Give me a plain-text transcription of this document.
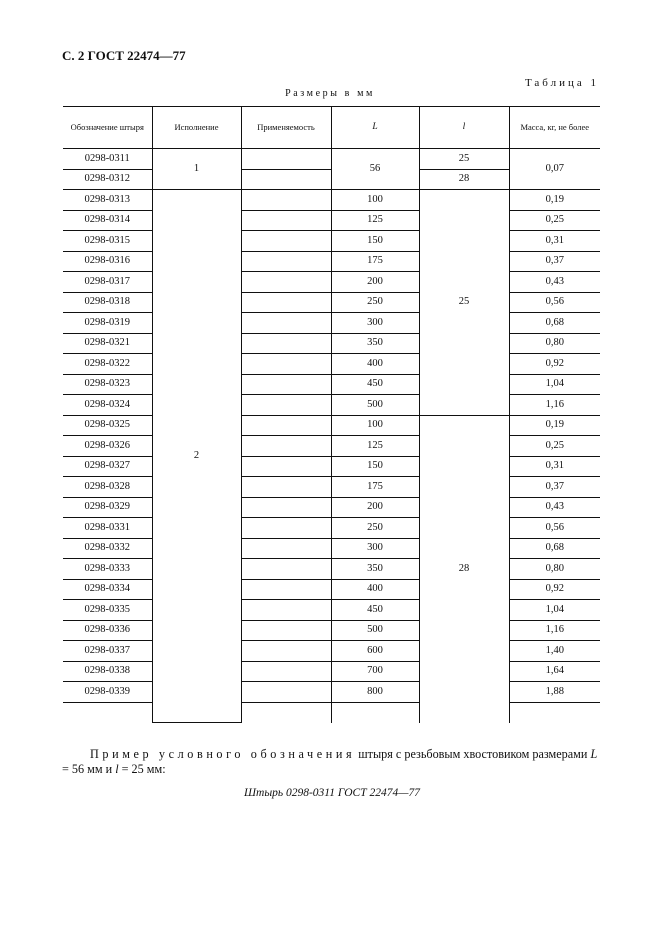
С. 2 ГОСТ 22474—77
Таблица 1
Размеры в мм
Обозначение штыря	Исполнение	Применяемость	L	l	Масса, кг, не более
0298-0311	1		56	25	0,07
0298-0312				28	
0298-0313	2		100	25	0,19
0298-0314			125		0,25
0298-0315			150		0,31
0298-0316			175		0,37
0298-0317			200		0,43
0298-0318			250		0,56
0298-0319			300		0,68
0298-0321			350		0,80
0298-0322			400		0,92
0298-0323			450		1,04
0298-0324			500		1,16
0298-0325			100	28	0,19
0298-0326			125		0,25
0298-0327			150		0,31
0298-0328			175		0,37
0298-0329			200		0,43
0298-0331			250		0,56
0298-0332			300		0,68
0298-0333			350		0,80
0298-0334			400		0,92
0298-0335			450		1,04
0298-0336			500		1,16
0298-0337			600		1,40
0298-0338			700		1,64
0298-0339			800		1,88

Пример условного обозначения штыря с резьбовым хвостовиком размерами L = 56 мм и l = 25 мм:
Штырь 0298-0311 ГОСТ 22474—77
